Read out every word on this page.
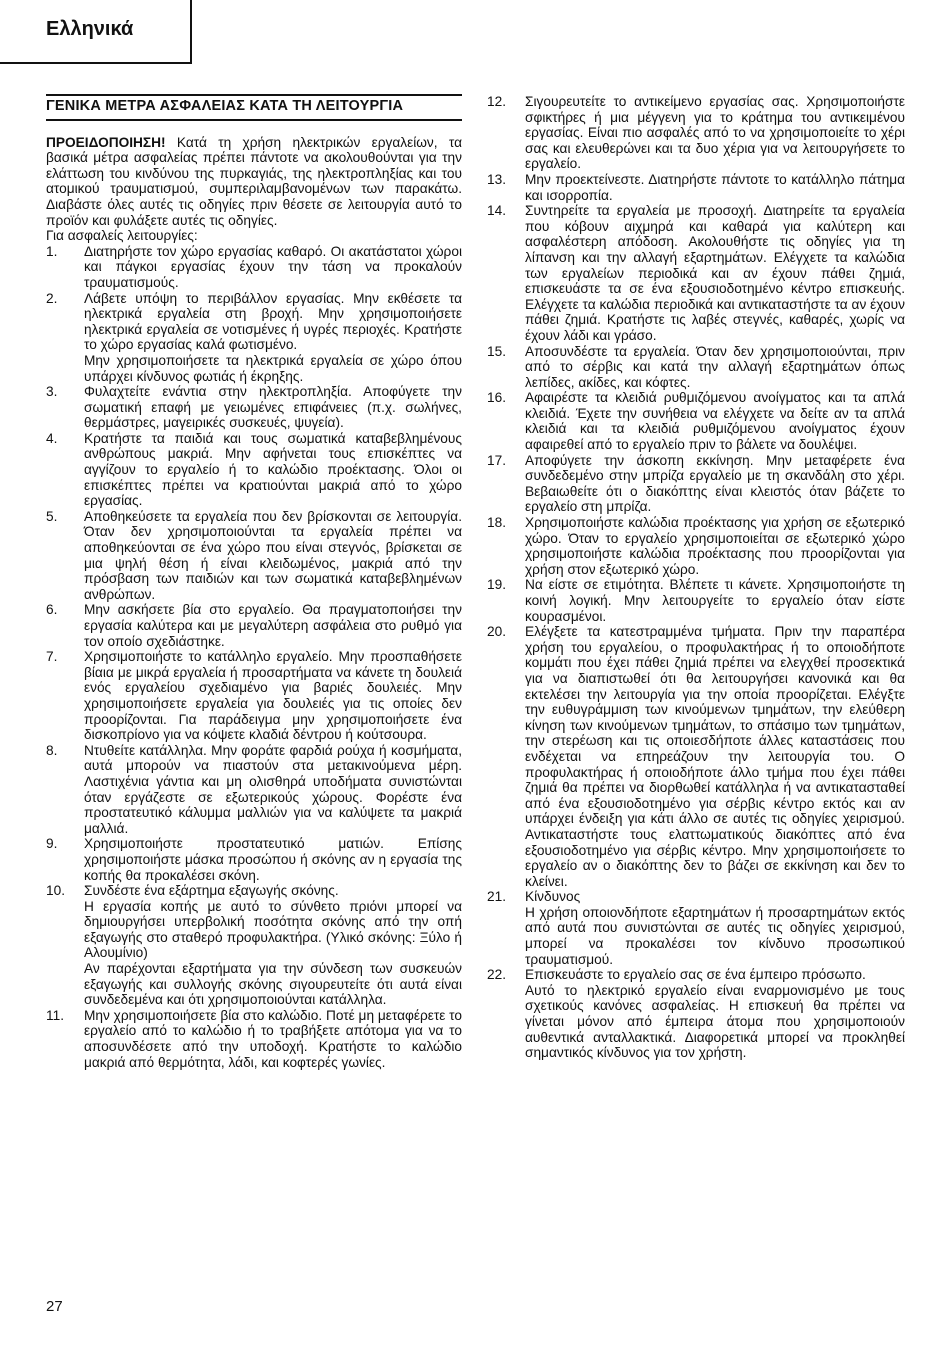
Ελληνικά
ΓΕΝΙΚΑ ΜΕΤΡΑ ΑΣΦΑΛΕΙΑΣ ΚΑΤΑ ΤΗ ΛΕΙΤΟΥΡΓΙΑ

ΠΡΟΕΙΔΟΠΟΙΗΣΗ! Κατά τη χρήση ηλεκτρικών εργαλείων, τα βασικά μέτρα ασφαλείας πρέπει πάντοτε να ακολουθούνται για την ελάττωση του κινδύνου της πυρκαγιάς, της ηλεκτροπληξίας και του ατομικού τραυματισμού, συμπεριλαμβανομένων των παρακάτω. Διαβάστε όλες αυτές τις οδηγίες πριν θέσετε σε λειτουργία αυτό το προϊόν και φυλάξετε αυτές τις οδηγίες.

Για ασφαλείς λειτουργίες:

1.	Διατηρήστε τον χώρο εργασίας καθαρό. Οι ακατάστατοι χώροι και πάγκοι εργασίας έχουν την τάση να προκαλούν τραυματισμούς.

2.	Λάβετε υπόψη το περιβάλλον εργασίας. Μην εκθέσετε τα ηλεκτρικά εργαλεία στη βροχή. Μην χρησιμοποιήσετε ηλεκτρικά εργαλεία σε νοτισμένες ή υγρές περιοχές. Κρατήστε το χώρο εργασίας καλά φωτισμένο.

Μην χρησιμοποιήσετε τα ηλεκτρικά εργαλεία σε χώρο όπου υπάρχει κίνδυνος φωτιάς ή έκρηξης.

3.	Φυλαχτείτε ενάντια στην ηλεκτροπληξία. Αποφύγετε την σωματική επαφή με γειωμένες επιφάνειες (π.χ. σωλήνες, θερμάστρες, μαγειρικές συσκευές, ψυγεία).

4.	Κρατήστε τα παιδιά και τους σωματικά καταβεβλημένους ανθρώπους μακριά. Μην αφήνεται τους επισκέπτες να αγγίζουν το εργαλείο ή το καλώδιο προέκτασης. Όλοι οι επισκέπτες πρέπει να κρατιούνται μακριά από το χώρο εργασίας.

5.	Αποθηκεύσετε τα εργαλεία που δεν βρίσκονται σε λειτουργία. Όταν δεν χρησιμοποιούνται τα εργαλεία πρέπει να αποθηκεύονται σε ένα χώρο που είναι στεγνός, βρίσκεται σε μια ψηλή θέση ή είναι κλειδωμένος, μακριά από την πρόσβαση των παιδιών και των σωματικά καταβεβλημένων ανθρώπων.

6.	Μην ασκήσετε βία στο εργαλείο. Θα πραγματοποιήσει την εργασία καλύτερα και με μεγαλύτερη ασφάλεια στο ρυθμό για τον οποίο σχεδιάστηκε.

7.	Χρησιμοποιήστε το κατάλληλο εργαλείο. Μην προσπαθήσετε βίαια με μικρά εργαλεία ή προσαρτήματα να κάνετε τη δουλειά ενός εργαλείου σχεδιαμένο για βαριές δουλειές. Μην χρησιμοποιήσετε εργαλεία για δουλειές για τις οποίες δεν προορίζονται. Για παράδειγμα μην χρησιμοποιήσετε ένα δισκοπρίονο για να κόψετε κλαδιά δέντρου ή κούτσουρα.

8.	Ντυθείτε κατάλληλα. Μην φοράτε φαρδιά ρούχα ή κοσμήματα, αυτά μπορούν να πιαστούν στα μετακινούμενα μέρη. Λαστιχένια γάντια και μη ολισθηρά υποδήματα συνιστώνται όταν εργάζεστε σε εξωτερικούς χώρους. Φορέστε ένα προστατευτικό κάλυμμα μαλλιών για να καλύψετε τα μακριά μαλλιά.

9.	Χρησιμοποιήστε προστατευτικό ματιών. Επίσης χρησιμοποιήστε μάσκα προσώπου ή σκόνης αν η εργασία της κοπής θα προκαλέσει σκόνη.

10.	Συνδέστε ένα εξάρτημα εξαγωγής σκόνης.

Η εργασία κοπής με αυτό το σύνθετο πριόνι μπορεί να δημιουργήσει υπερβολική ποσότητα σκόνης από την οπή εξαγωγής στο σταθερό προφυλακτήρα. (Υλικό σκόνης: Ξύλο ή Αλουμίνιο)

Αν παρέχονται εξαρτήματα για την σύνδεση των συσκευών εξαγωγής και συλλογής σκόνης σιγουρευτείτε ότι αυτά είναι συνδεδεμένα και ότι χρησιμοποιούνται κατάλληλα.

11.	Μην χρησιμοποιήσετε βία στο καλώδιο. Ποτέ μη μεταφέρετε το εργαλείο από το καλώδιο ή το τραβήξετε απότομα για να το αποσυνδέσετε από την υποδοχή. Κρατήστε το καλώδιο μακριά από θερμότητα, λάδι, και κοφτερές γωνίες.

12.	Σιγουρευτείτε το αντικείμενο εργασίας σας. Χρησιμοποιήστε σφικτήρες ή μια μέγγενη για το κράτημα του αντικειμένου εργασίας. Είναι πιο ασφαλές από το να χρησιμοποιείτε το χέρι σας και ελευθερώνει και τα δυο χέρια για να λειτουργήσετε το εργαλείο.

13.	Μην προεκτείνεστε. Διατηρήστε πάντοτε το κατάλληλο πάτημα και ισορροπία.

14.	Συντηρείτε τα εργαλεία με προσοχή. Διατηρείτε τα εργαλεία που κόβουν αιχμηρά και καθαρά για καλύτερη και ασφαλέστερη απόδοση. Ακολουθήστε τις οδηγίες για τη λίπανση και την αλλαγή εξαρτημάτων. Ελέγχετε τα καλώδια των εργαλείων περιοδικά και αν έχουν πάθει ζημιά, επισκευάστε τα σε ένα εξουσιοδοτημένο κέντρο επισκευής. Ελέγχετε τα καλώδια περιοδικά και αντικαταστήστε τα αν έχουν πάθει ζημιά. Κρατήστε τις λαβές στεγνές, καθαρές, χωρίς να έχουν λάδι και γράσο.

15.	Αποσυνδέστε τα εργαλεία. Όταν δεν χρησιμοποιούνται, πριν από το σέρβις και κατά την αλλαγή εξαρτημάτων όπως λεπίδες, ακίδες, και κόφτες.

16.	Αφαιρέστε τα κλειδιά ρυθμιζόμενου ανοίγματος και τα απλά κλειδιά. Έχετε την συνήθεια να ελέγχετε να δείτε αν τα απλά κλειδιά και τα κλειδιά ρυθμιζόμενου ανοίγματος έχουν αφαιρεθεί από το εργαλείο πριν το βάλετε να δουλέψει.

17.	Αποφύγετε την άσκοπη εκκίνηση. Μην μεταφέρετε ένα συνδεδεμένο στην μπρίζα εργαλείο με τη σκανδάλη στο χέρι. Βεβαιωθείτε ότι ο διακόπτης είναι κλειστός όταν βάζετε το εργαλείο στη μπρίζα.

18.	Χρησιμοποιήστε καλώδια προέκτασης για χρήση σε εξωτερικό χώρο. Όταν το εργαλείο χρησιμοποιείται σε εξωτερικό χώρο χρησιμοποιήστε καλώδια προέκτασης που προορίζονται για χρήση στον εξωτερικό χώρο.

19.	Να είστε σε ετιμότητα. Βλέπετε τι κάνετε. Χρησιμοποιήστε τη κοινή λογική. Μην λειτουργείτε το εργαλείο όταν είστε κουρασμένοι.

20.	Ελέγξετε τα κατεστραμμένα τμήματα. Πριν την παραπέρα χρήση του εργαλείου, ο προφυλακτήρας ή το οποιοδήποτε κομμάτι που έχει πάθει ζημιά πρέπει να ελεγχθεί προσεκτικά για να διαπιστωθεί ότι θα λειτουργήσει κανονικά και θα εκτελέσει την λειτουργία για την οποία προορίζεται. Ελέγξτε την ευθυγράμμιση των κινούμενων τμημάτων, την ελεύθερη κίνηση των κινούμενων τμημάτων, το σπάσιμο των τμημάτων, την στερέωση και τις οποιεσδήποτε άλλες καταστάσεις που ενδέχεται να επηρεάζουν την λειτουργία του. Ο προφυλακτήρας ή οποιοδήποτε άλλο τμήμα που έχει πάθει ζημιά θα πρέπει να διορθωθεί κατάλληλα ή να αντικατασταθεί από ένα εξουσιοδοτημένο για σέρβις κέντρο εκτός και αν υπάρχει ένδειξη για κάτι άλλο σε αυτές τις οδηγίες χειρισμού. Αντικαταστήστε τους ελαττωματικούς διακόπτες από ένα εξουσιοδοτημένο για σέρβις κέντρο. Μην χρησιμοποιήσετε το εργαλείο αν ο διακόπτης δεν το βάζει σε εκκίνηση και δεν το κλείνει.

21.	Κίνδυνος

Η χρήση οποιονδήποτε εξαρτημάτων ή προσαρτημάτων εκτός από αυτά που συνιστώνται σε αυτές τις οδηγίες χειρισμού, μπορεί να προκαλέσει τον κίνδυνο προσωπικού τραυματισμού.

22.	Επισκευάστε το εργαλείο σας σε ένα έμπειρο πρόσωπο.

Αυτό το ηλεκτρικό εργαλείο είναι εναρμονισμένο με τους σχετικούς κανόνες ασφαλείας. Η επισκευή θα πρέπει να γίνεται μόνον από έμπειρα άτομα που χρησιμοποιούν αυθεντικά ανταλλακτικά. Διαφορετικά μπορεί να προκληθεί σημαντικός κίνδυνος για τον χρήστη.

27
